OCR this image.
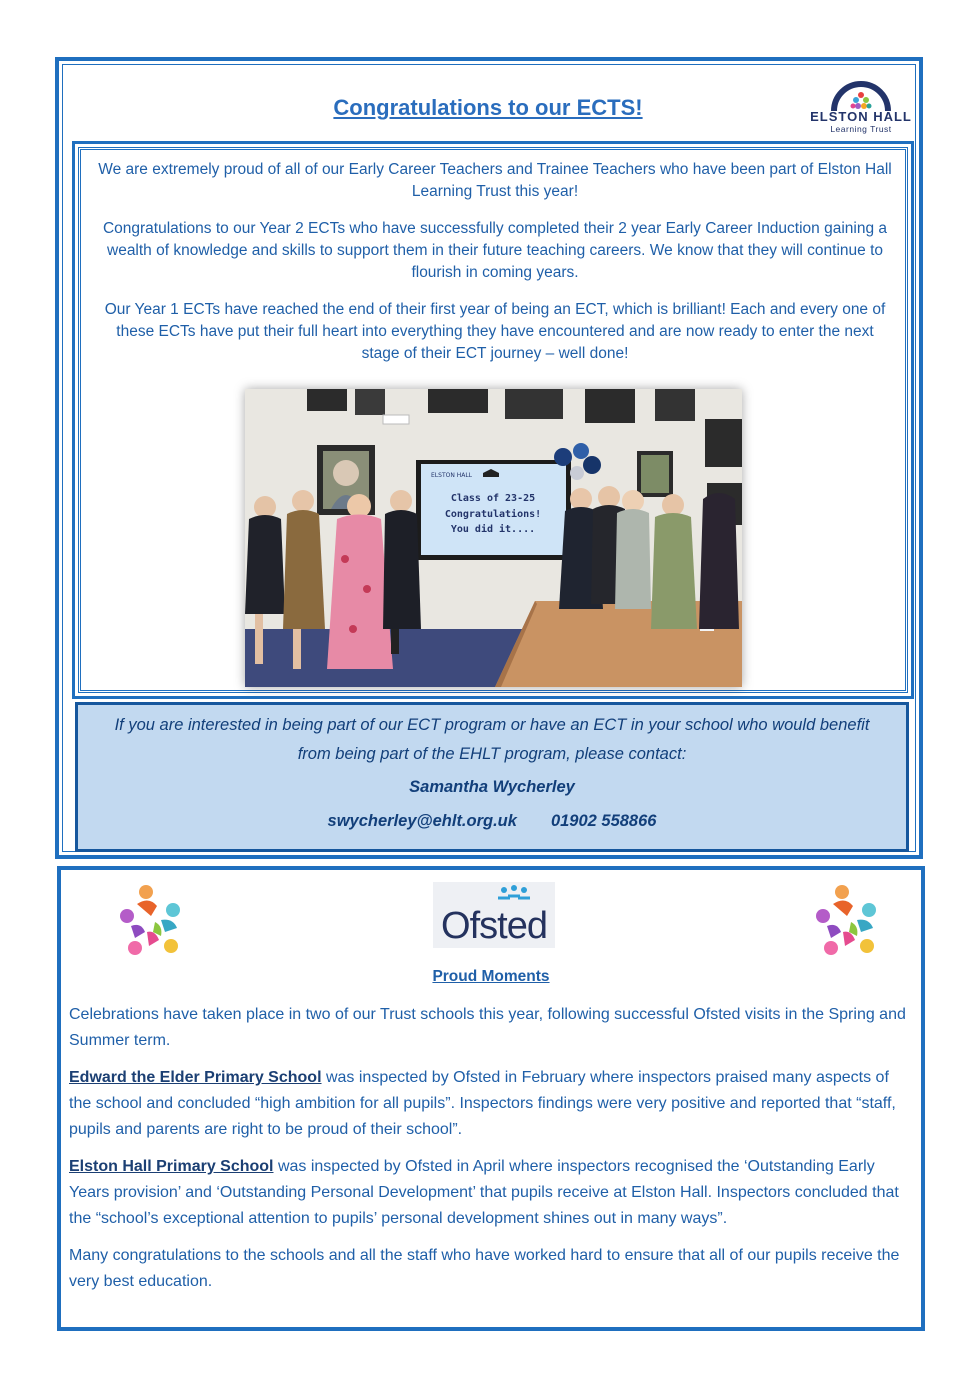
Congratulations to our ECTS!	ELSTON HALL
Learning Trust

We are extremely proud of all of our Early Career Teachers and Trainee Teachers who have been part of Elston Hall Learning Trust this year!

Congratulations to our Year 2 ECTs who have successfully completed their 2 year Early Career Induction gaining a wealth of knowledge and skills to support them in their future teaching careers. We know that they will continue to flourish in coming years.

Our Year 1 ECTs have reached the end of their first year of being an ECT, which is brilliant! Each and every one of these ECTs have put their full heart into everything they have encountered and are now ready to enter the next stage of their ECT journey – well done!

ELSTON HALL
Class of 23-25
Congratulations!
You did it....
If you are interested in being part of our ECT program or have an ECT in your school who would benefit from being part of the EHLT program, please contact:
Samantha Wycherley
swycherley@ehlt.org.uk 01902 558866
Ofsted
Proud Moments

Celebrations have taken place in two of our Trust schools this year, following successful Ofsted visits in the Spring and Summer term.

Edward the Elder Primary School was inspected by Ofsted in February where inspectors praised many aspects of the school and concluded “high ambition for all pupils”. Inspectors findings were very positive and reported that “staff, pupils and parents are right to be proud of their school”.

Elston Hall Primary School was inspected by Ofsted in April where inspectors recognised the ‘Outstanding Early Years provision’ and ‘Outstanding Personal Development’ that pupils receive at Elston Hall. Inspectors concluded that the “school’s exceptional attention to pupils’ personal development shines out in many ways”.

Many congratulations to the schools and all the staff who have worked hard to ensure that all of our pupils receive the very best education.
